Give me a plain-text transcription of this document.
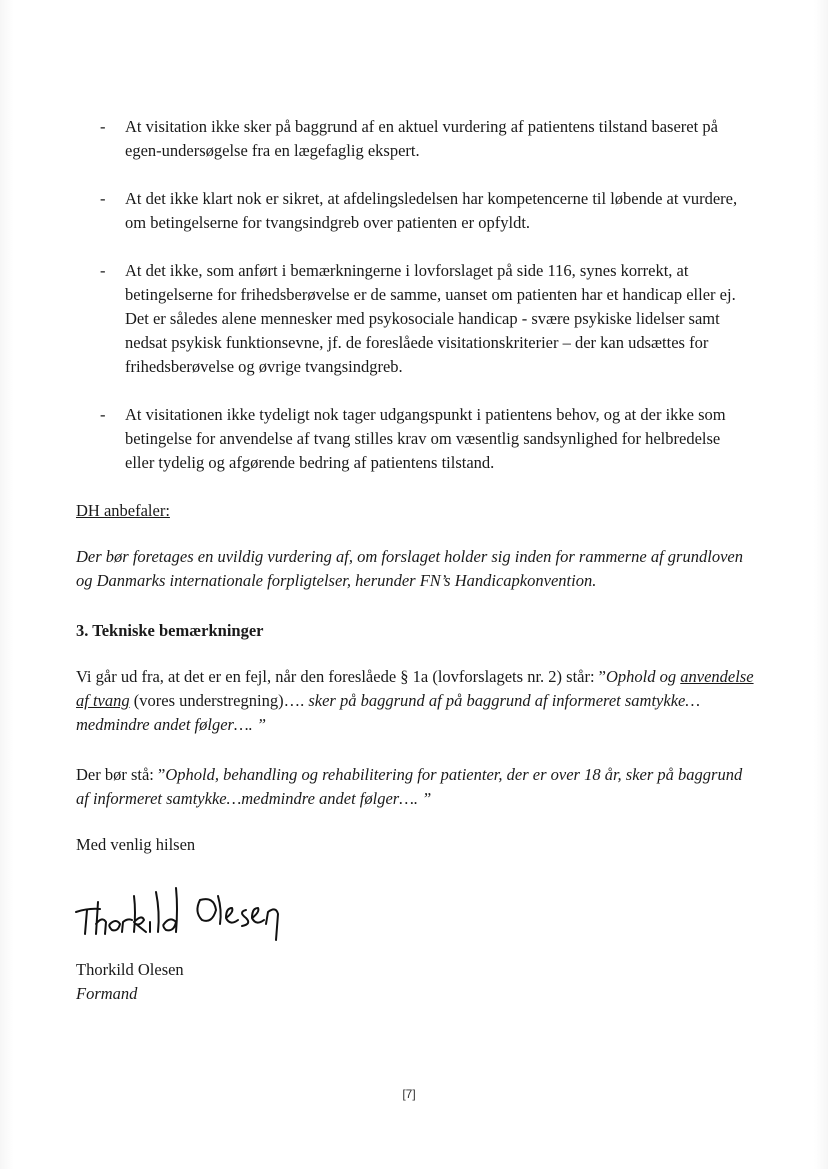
- At visitation ikke sker på baggrund af en aktuel vurdering af patientens tilstand baseret på egen-undersøgelse fra en lægefaglig ekspert.
- At det ikke klart nok er sikret, at afdelingsledelsen har kompetencerne til løbende at vurdere, om betingelserne for tvangsindgreb over patienten er opfyldt.
- At det ikke, som anført i bemærkningerne i lovforslaget på side 116, synes korrekt, at betingelserne for frihedsberøvelse er de samme, uanset om patienten har et handicap eller ej. Det er således alene mennesker med psykosociale handicap - svære psykiske lidelser samt nedsat psykisk funktionsevne, jf. de foreslåede visitationskriterier – der kan udsættes for frihedsberøvelse og øvrige tvangsindgreb.
- At visitationen ikke tydeligt nok tager udgangspunkt i patientens behov, og at der ikke som betingelse for anvendelse af tvang stilles krav om væsentlig sandsynlighed for helbredelse eller tydelig og afgørende bedring af patientens tilstand.

DH anbefaler:

Der bør foretages en uvildig vurdering af, om forslaget holder sig inden for rammerne af grundloven og Danmarks internationale forpligtelser, herunder FN’s Handicapkonvention.

3. Tekniske bemærkninger

Vi går ud fra, at det er en fejl, når den foreslåede § 1a (lovforslagets nr. 2) står: ”Ophold og anvendelse af tvang (vores understregning)…. sker på baggrund af på baggrund af informeret samtykke…medmindre andet følger…. ”

Der bør stå: ”Ophold, behandling og rehabilitering for patienter, der er over 18 år, sker på baggrund af informeret samtykke…medmindre andet følger…. ”

Med venlig hilsen

Thorkild Olesen

Formand

[7]
